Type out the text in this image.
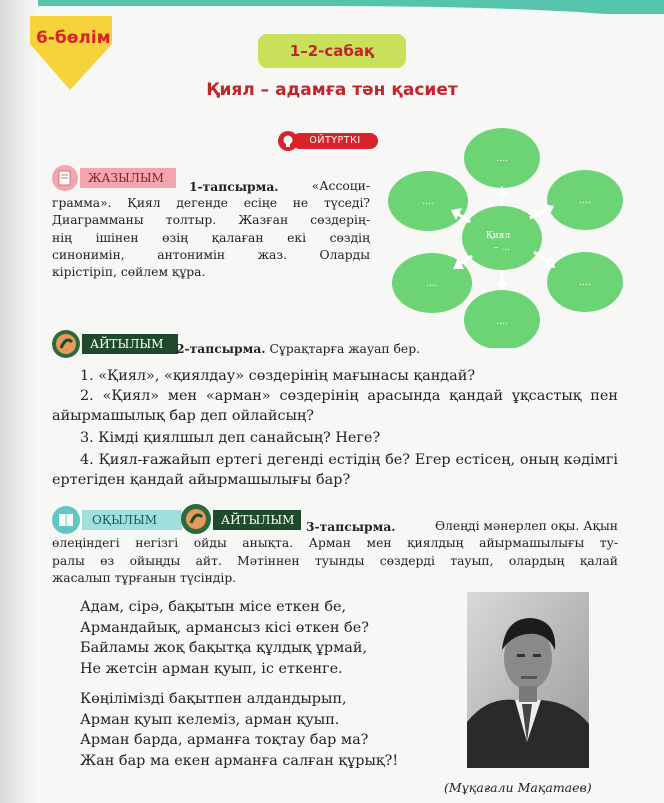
6-бөлім
1–2-сабақ
Қиял – адамға тән қасиет
ОЙТҮРТКІ
ЖАЗЫЛЫМ
1-тапсырма.	«Ассоци-
грамма». Қиял дегенде есіңе не түседі?
Диаграмманы толтыр. Жазған сөздерің-
нің ішінен өзің қалаған екі сөздің
синонимін, антонимін жаз. Оларды
кірістіріп, сөйлем құра.
Қиял
– ...
....
....
....
....
....
....
АЙТЫЛЫМ	2-тапсырма. Сұрақтарға жауап бер.
1. «Қиял», «қиялдау» сөздерінің мағынасы қандай?
2. «Қиял» мен «арман» сөздерінің арасында қандай ұқсастық пен айырмашылық бар деп ойлайсың?
3. Кімді қиялшыл деп санайсың? Неге?
4. Қиял-ғажайып ертегі дегенді естідің бе? Егер естісең, оның кәдімгі ертегіден қандай айырмашылығы бар?
ОҚЫЛЫМ	АЙТЫЛЫМ 3-тапсырма.	Өлеңді мәнерлеп оқы. Ақын
өлеңіндегі негізгі ойды анықта. Арман мен қиялдың айырмашылығы ту-
ралы өз ойыңды айт. Мәтіннен туынды сөздерді тауып, олардың қалай
жасалып тұрғанын түсіндір.
Адам, сірә, бақытын місе еткен бе,
Армандайық, армансыз кісі өткен бе?
Байламы жоқ бақытқа құлдық ұрмай,
Не жетсін арман қуып, іс еткенге.
Көңілімізді бақытпен алдандырып,
Арман қуып келеміз, арман қуып.
Арман барда, арманға тоқтау бар ма?
Жан бар ма екен арманға салған құрық?!
(Мұқағали Мақатаев)
